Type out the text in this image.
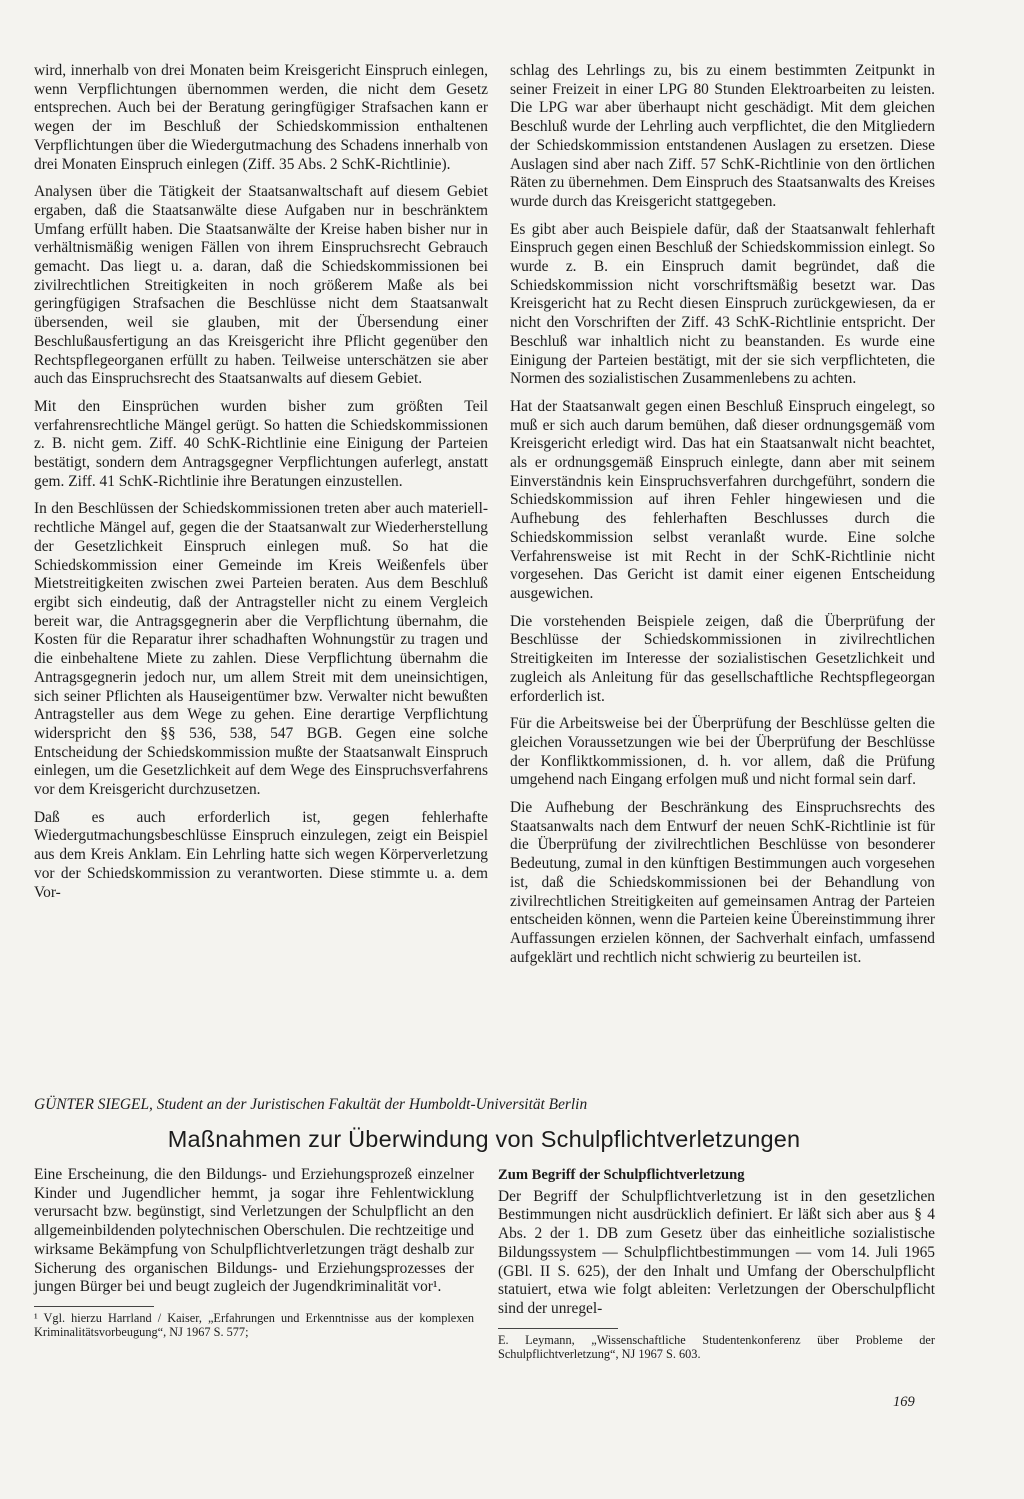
wird, innerhalb von drei Monaten beim Kreisgericht Einspruch einlegen, wenn Verpflichtungen übernommen werden, die nicht dem Gesetz entsprechen. Auch bei der Beratung geringfügiger Strafsachen kann er wegen der im Beschluß der Schiedskommission enthaltenen Verpflichtungen über die Wiedergutmachung des Schadens innerhalb von drei Monaten Einspruch einlegen (Ziff. 35 Abs. 2 SchK-Richtlinie).

Analysen über die Tätigkeit der Staatsanwaltschaft auf diesem Gebiet ergaben, daß die Staatsanwälte diese Aufgaben nur in beschränktem Umfang erfüllt haben. Die Staatsanwälte der Kreise haben bisher nur in verhältnismäßig wenigen Fällen von ihrem Einspruchsrecht Gebrauch gemacht. Das liegt u. a. daran, daß die Schiedskommissionen bei zivilrechtlichen Streitigkeiten in noch größerem Maße als bei geringfügigen Strafsachen die Beschlüsse nicht dem Staatsanwalt übersenden, weil sie glauben, mit der Übersendung einer Beschlußausfertigung an das Kreisgericht ihre Pflicht gegenüber den Rechtspflegeorganen erfüllt zu haben. Teilweise unterschätzen sie aber auch das Einspruchsrecht des Staatsanwalts auf diesem Gebiet.

Mit den Einsprüchen wurden bisher zum größten Teil verfahrensrechtliche Mängel gerügt. So hatten die Schiedskommissionen z. B. nicht gem. Ziff. 40 SchK-Richtlinie eine Einigung der Parteien bestätigt, sondern dem Antragsgegner Verpflichtungen auferlegt, anstatt gem. Ziff. 41 SchK-Richtlinie ihre Beratungen einzustellen.

In den Beschlüssen der Schiedskommissionen treten aber auch materiell-rechtliche Mängel auf, gegen die der Staatsanwalt zur Wiederherstellung der Gesetzlichkeit Einspruch einlegen muß. So hat die Schiedskommission einer Gemeinde im Kreis Weißenfels über Mietstreitigkeiten zwischen zwei Parteien beraten. Aus dem Beschluß ergibt sich eindeutig, daß der Antragsteller nicht zu einem Vergleich bereit war, die Antragsgegnerin aber die Verpflichtung übernahm, die Kosten für die Reparatur ihrer schadhaften Wohnungstür zu tragen und die einbehaltene Miete zu zahlen. Diese Verpflichtung übernahm die Antragsgegnerin jedoch nur, um allem Streit mit dem uneinsichtigen, sich seiner Pflichten als Hauseigentümer bzw. Verwalter nicht bewußten Antragsteller aus dem Wege zu gehen. Eine derartige Verpflichtung widerspricht den §§ 536, 538, 547 BGB. Gegen eine solche Entscheidung der Schiedskommission mußte der Staatsanwalt Einspruch einlegen, um die Gesetzlichkeit auf dem Wege des Einspruchsverfahrens vor dem Kreisgericht durchzusetzen.

Daß es auch erforderlich ist, gegen fehlerhafte Wiedergutmachungsbeschlüsse Einspruch einzulegen, zeigt ein Beispiel aus dem Kreis Anklam. Ein Lehrling hatte sich wegen Körperverletzung vor der Schiedskommission zu verantworten. Diese stimmte u. a. dem Vor-

schlag des Lehrlings zu, bis zu einem bestimmten Zeitpunkt in seiner Freizeit in einer LPG 80 Stunden Elektroarbeiten zu leisten. Die LPG war aber überhaupt nicht geschädigt. Mit dem gleichen Beschluß wurde der Lehrling auch verpflichtet, die den Mitgliedern der Schiedskommission entstandenen Auslagen zu ersetzen. Diese Auslagen sind aber nach Ziff. 57 SchK-Richtlinie von den örtlichen Räten zu übernehmen. Dem Einspruch des Staatsanwalts des Kreises wurde durch das Kreisgericht stattgegeben.

Es gibt aber auch Beispiele dafür, daß der Staatsanwalt fehlerhaft Einspruch gegen einen Beschluß der Schiedskommission einlegt. So wurde z. B. ein Einspruch damit begründet, daß die Schiedskommission nicht vorschriftsmäßig besetzt war. Das Kreisgericht hat zu Recht diesen Einspruch zurückgewiesen, da er nicht den Vorschriften der Ziff. 43 SchK-Richtlinie entspricht. Der Beschluß war inhaltlich nicht zu beanstanden. Es wurde eine Einigung der Parteien bestätigt, mit der sie sich verpflichteten, die Normen des sozialistischen Zusammenlebens zu achten.

Hat der Staatsanwalt gegen einen Beschluß Einspruch eingelegt, so muß er sich auch darum bemühen, daß dieser ordnungsgemäß vom Kreisgericht erledigt wird. Das hat ein Staatsanwalt nicht beachtet, als er ordnungsgemäß Einspruch einlegte, dann aber mit seinem Einverständnis kein Einspruchsverfahren durchgeführt, sondern die Schiedskommission auf ihren Fehler hingewiesen und die Aufhebung des fehlerhaften Beschlusses durch die Schiedskommission selbst veranlaßt wurde. Eine solche Verfahrensweise ist mit Recht in der SchK-Richtlinie nicht vorgesehen. Das Gericht ist damit einer eigenen Entscheidung ausgewichen.

Die vorstehenden Beispiele zeigen, daß die Überprüfung der Beschlüsse der Schiedskommissionen in zivilrechtlichen Streitigkeiten im Interesse der sozialistischen Gesetzlichkeit und zugleich als Anleitung für das gesellschaftliche Rechtspflegeorgan erforderlich ist.

Für die Arbeitsweise bei der Überprüfung der Beschlüsse gelten die gleichen Voraussetzungen wie bei der Überprüfung der Beschlüsse der Konfliktkommissionen, d. h. vor allem, daß die Prüfung umgehend nach Eingang erfolgen muß und nicht formal sein darf.

Die Aufhebung der Beschränkung des Einspruchsrechts des Staatsanwalts nach dem Entwurf der neuen SchK-Richtlinie ist für die Überprüfung der zivilrechtlichen Beschlüsse von besonderer Bedeutung, zumal in den künftigen Bestimmungen auch vorgesehen ist, daß die Schiedskommissionen bei der Behandlung von zivilrechtlichen Streitigkeiten auf gemeinsamen Antrag der Parteien entscheiden können, wenn die Parteien keine Übereinstimmung ihrer Auffassungen erzielen können, der Sachverhalt einfach, umfassend aufgeklärt und rechtlich nicht schwierig zu beurteilen ist.

GÜNTER SIEGEL, Student an der Juristischen Fakultät der Humboldt-Universität Berlin
Maßnahmen zur Überwindung von Schulpflichtverletzungen

Eine Erscheinung, die den Bildungs- und Erziehungsprozeß einzelner Kinder und Jugendlicher hemmt, ja sogar ihre Fehlentwicklung verursacht bzw. begünstigt, sind Verletzungen der Schulpflicht an den allgemeinbildenden polytechnischen Oberschulen. Die rechtzeitige und wirksame Bekämpfung von Schulpflichtverletzungen trägt deshalb zur Sicherung des organischen Bildungs- und Erziehungsprozesses der jungen Bürger bei und beugt zugleich der Jugendkriminalität vor¹.

¹ Vgl. hierzu Harrland / Kaiser, „Erfahrungen und Erkenntnisse aus der komplexen Kriminalitätsvorbeugung“, NJ 1967 S. 577;
Zum Begriff der Schulpflichtverletzung

Der Begriff der Schulpflichtverletzung ist in den gesetzlichen Bestimmungen nicht ausdrücklich definiert. Er läßt sich aber aus § 4 Abs. 2 der 1. DB zum Gesetz über das einheitliche sozialistische Bildungssystem — Schulpflichtbestimmungen — vom 14. Juli 1965 (GBl. II S. 625), der den Inhalt und Umfang der Oberschulpflicht statuiert, etwa wie folgt ableiten: Verletzungen der Oberschulpflicht sind der unregel-

E. Leymann, „Wissenschaftliche Studentenkonferenz über Probleme der Schulpflichtverletzung“, NJ 1967 S. 603.
169
